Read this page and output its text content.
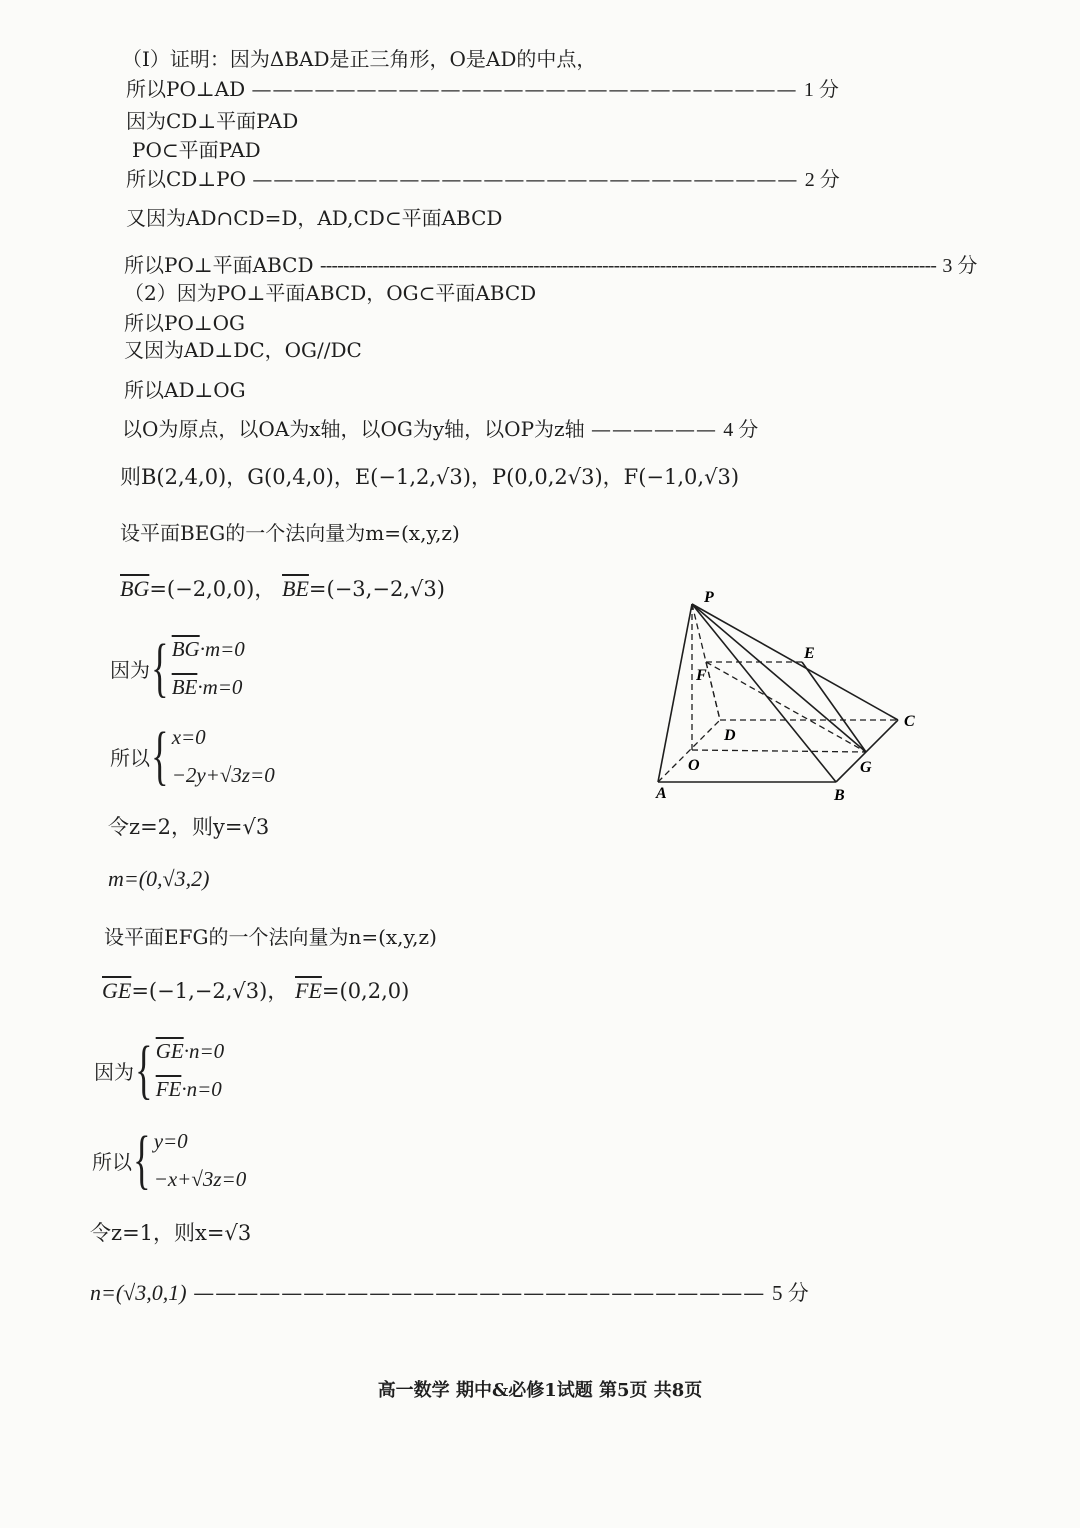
（Ⅰ）证明：因为ΔBAD是正三角形，O是AD的中点，
所以PO⊥AD —————————————————————————— 1 分
因为CD⊥平面PAD
PO⊂平面PAD
所以CD⊥PO —————————————————————————— 2 分
又因为AD∩CD=D，AD,CD⊂平面ABCD
所以PO⊥平面ABCD ----------------------------------------------------------------------------------------------------------- 3 分
（2）因为PO⊥平面ABCD，OG⊂平面ABCD
所以PO⊥OG
又因为AD⊥DC，OG//DC
所以AD⊥OG
以O为原点，以OA为x轴，以OG为y轴，以OP为z轴 —————— 4 分
则B(2,4,0)，G(0,4,0)，E(−1,2,√3)，P(0,0,2√3)，F(−1,0,√3)
设平面BEG的一个法向量为m=(x,y,z)
$\overline{BG}=(-2,0,0)$， $\overline{BE}=(-3,-2,√3)$
因为 { $\overline{BG}\cdot m=0$
$\overline{BE}\cdot m=0$
所以 { x=0
−2y+√3z=0
令z=2，则y=√3
m=(0,√3,2)
设平面EFG的一个法向量为n=(x,y,z)
$\overline{GE}=(-1,-2,√3)$， $\overline{FE}=(0,2,0)$
因为 { $\overline{GE}\cdot n=0$
$\overline{FE}\cdot n=0$
所以 { y=0
−x+√3z=0
令z=1，则x=√3
n=(√3,0,1) —————————————————————————— 5 分
P
E
F
C
D
O	G
A	B
高一数学 期中&必修1试题 第5页 共8页
